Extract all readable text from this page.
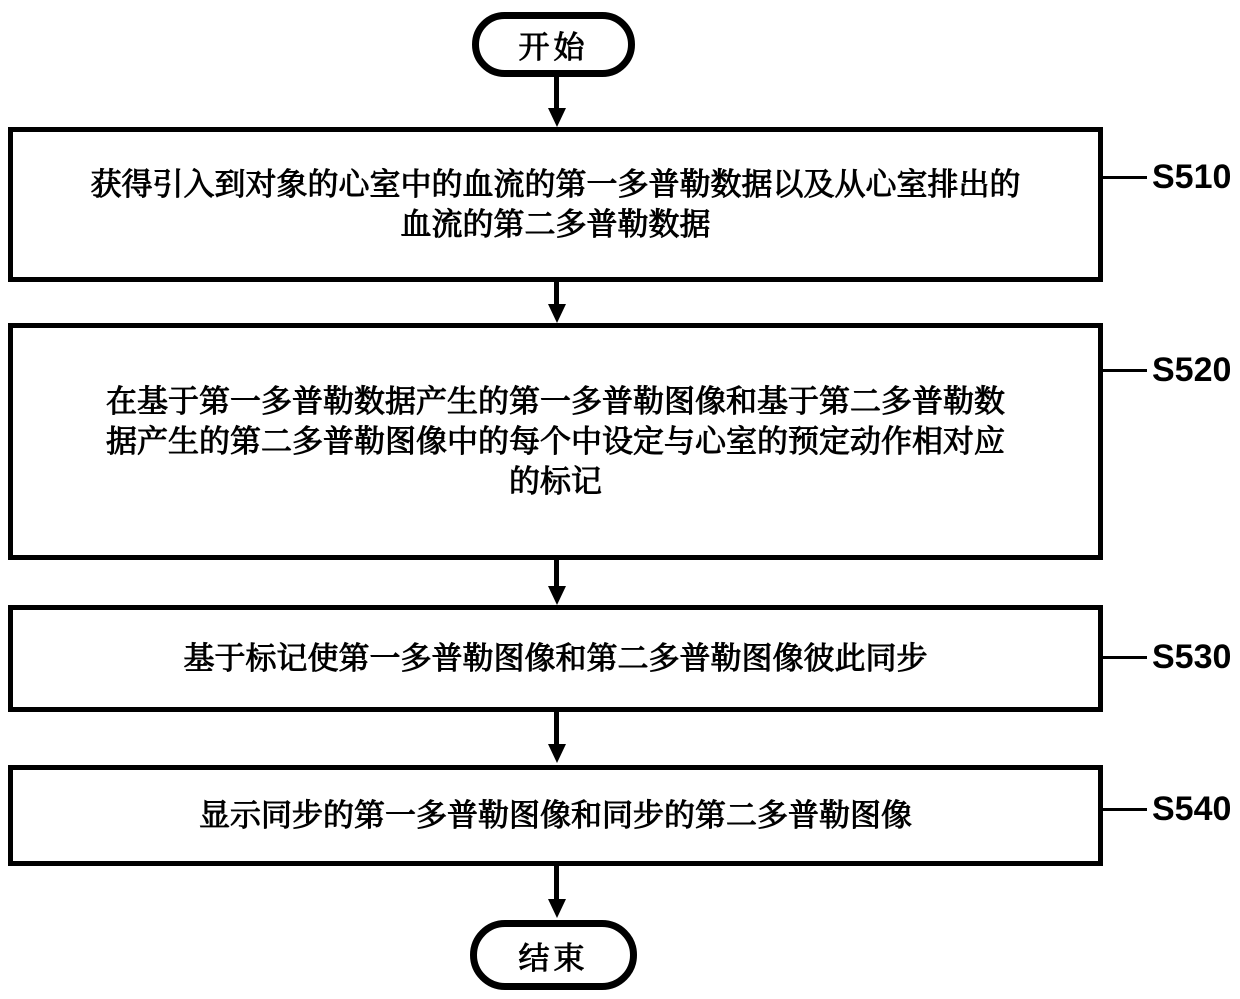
开始
获得引入到对象的心室中的血流的第一多普勒数据以及从心室排出的
血流的第二多普勒数据
S510
在基于第一多普勒数据产生的第一多普勒图像和基于第二多普勒数
据产生的第二多普勒图像中的每个中设定与心室的预定动作相对应
的标记
S520
基于标记使第一多普勒图像和第二多普勒图像彼此同步	S530
显示同步的第一多普勒图像和同步的第二多普勒图像	S540
结束
